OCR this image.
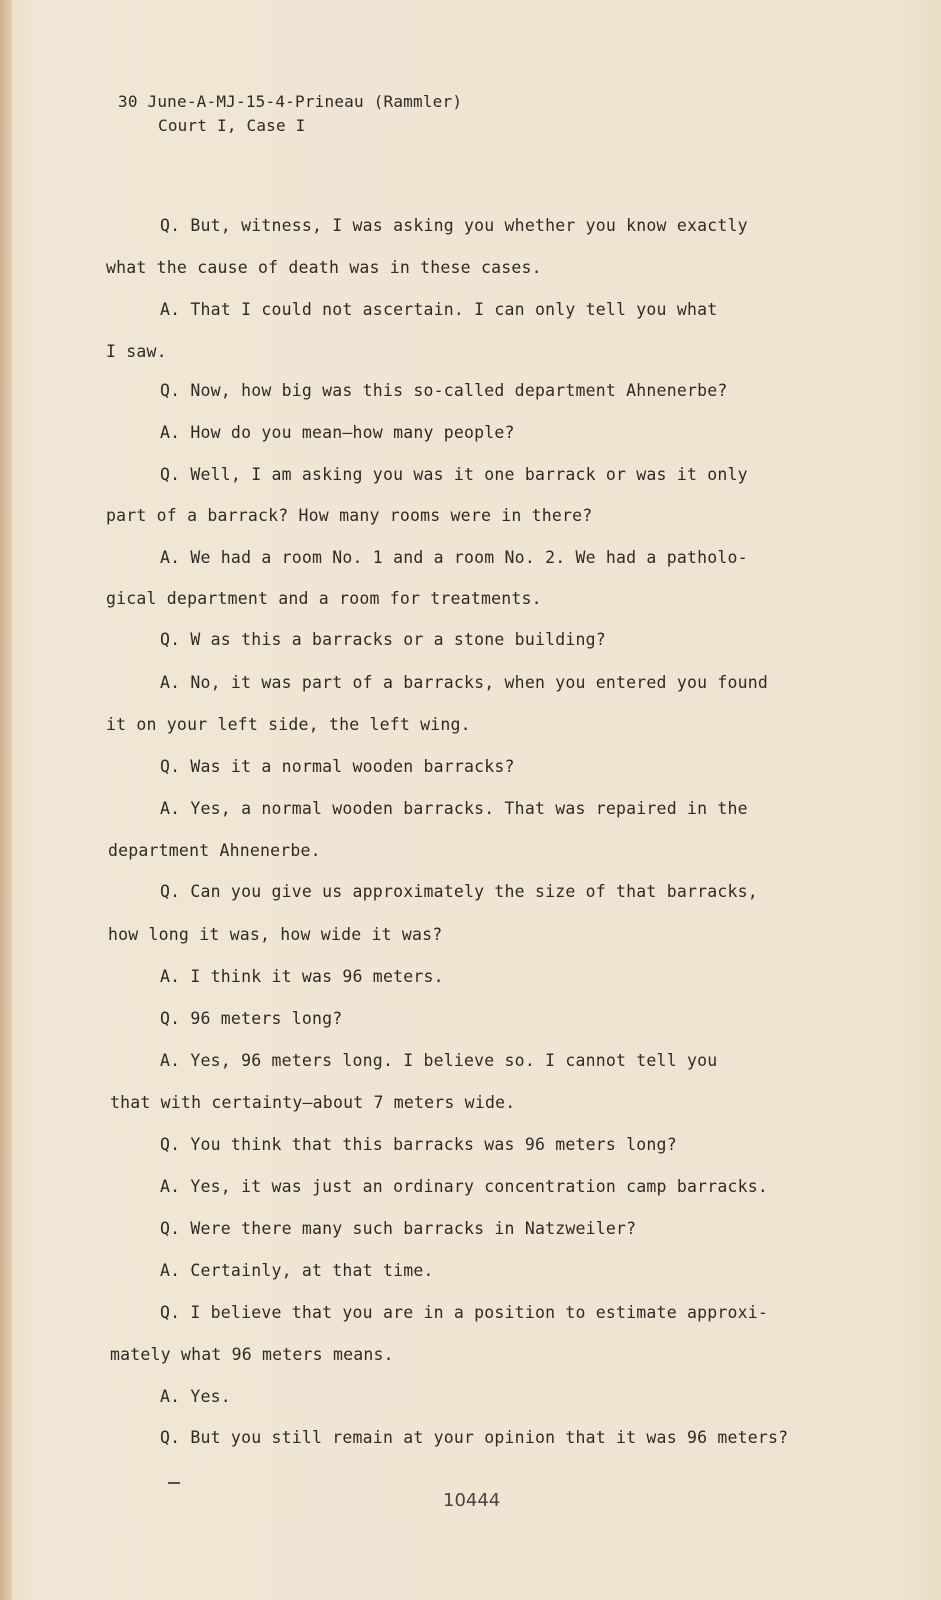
30 June-A-MJ-15-4-Prineau (Rammler)
Court I, Case I
Q. But, witness, I was asking you whether you know exactly
what the cause of death was in these cases.
A. That I could not ascertain. I can only tell you what
I saw.
Q. Now, how big was this so-called department Ahnenerbe?
A. How do you mean—how many people?
Q. Well, I am asking you was it one barrack or was it only
part of a barrack? How many rooms were in there?
A. We had a room No. 1 and a room No. 2. We had a patholo-
gical department and a room for treatments.
Q. W as this a barracks or a stone building?
A. No, it was part of a barracks, when you entered you found
it on your left side, the left wing.
Q. Was it a normal wooden barracks?
A. Yes, a normal wooden barracks. That was repaired in the
department Ahnenerbe.
Q. Can you give us approximately the size of that barracks,
how long it was, how wide it was?
A. I think it was 96 meters.
Q. 96 meters long?
A. Yes, 96 meters long. I believe so. I cannot tell you
that with certainty—about 7 meters wide.
Q. You think that this barracks was 96 meters long?
A. Yes, it was just an ordinary concentration camp barracks.
Q. Were there many such barracks in Natzweiler?
A. Certainly, at that time.
Q. I believe that you are in a position to estimate approxi-
mately what 96 meters means.
A. Yes.
Q. But you still remain at your opinion that it was 96 meters?
10444
